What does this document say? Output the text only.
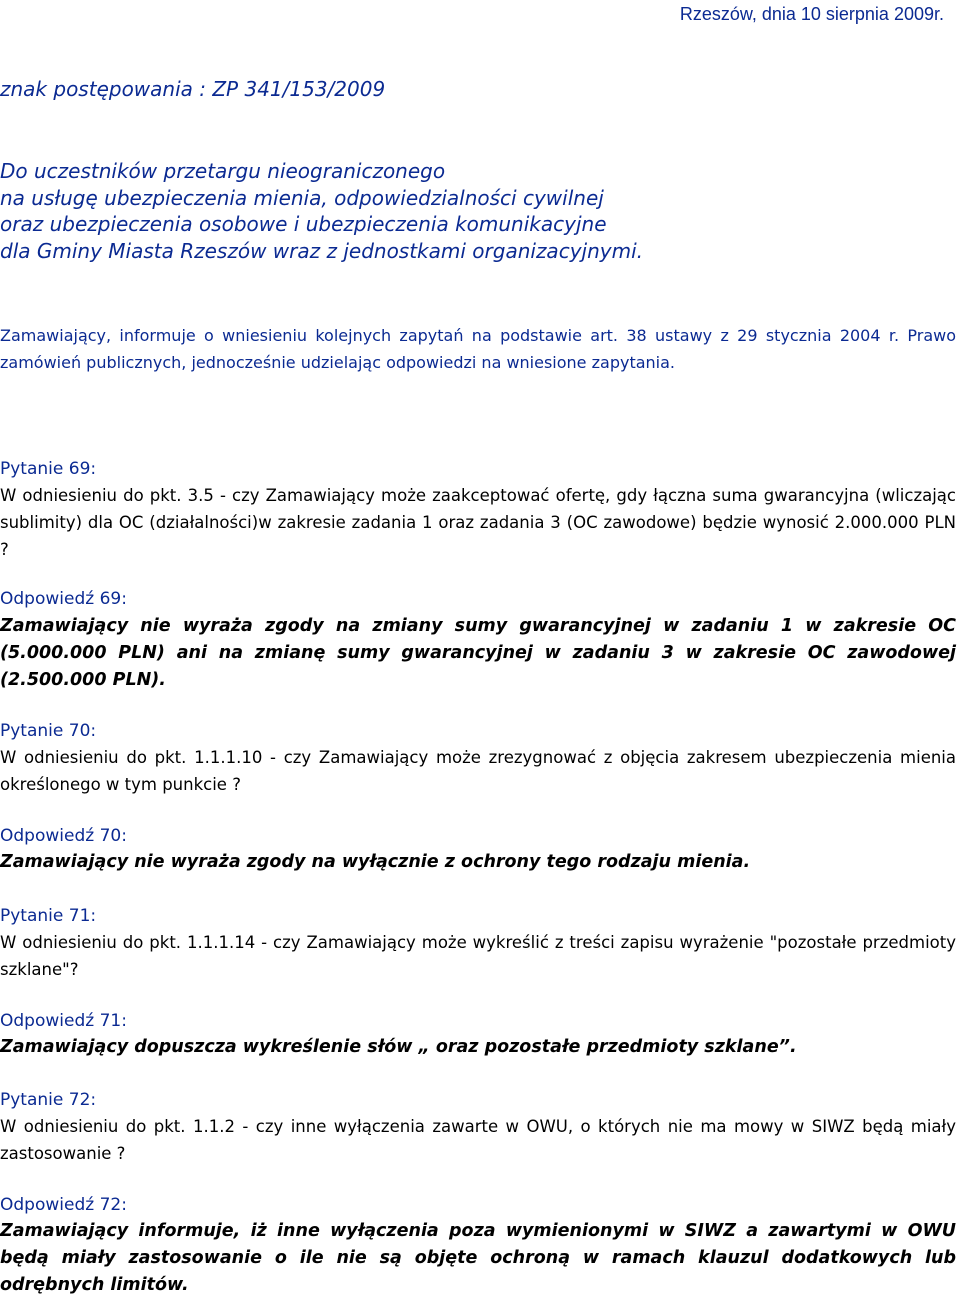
Rzeszów, dnia 10 sierpnia 2009r.
znak postępowania : ZP 341/153/2009
Do uczestników przetargu nieograniczonego
na usługę ubezpieczenia mienia, odpowiedzialności cywilnej
oraz ubezpieczenia osobowe i ubezpieczenia komunikacyjne
dla Gminy Miasta Rzeszów wraz z jednostkami organizacyjnymi.

Zamawiający, informuje o wniesieniu kolejnych zapytań na podstawie art. 38 ustawy z 29 stycznia 2004 r. Prawo zamówień publicznych, jednocześnie udzielając odpowiedzi na wniesione zapytania.

Pytanie 69:

W odniesieniu do pkt. 3.5 - czy Zamawiający może zaakceptować ofertę, gdy łączna suma gwarancyjna (wliczając sublimity) dla OC (działalności)w zakresie zadania 1 oraz zadania 3 (OC zawodowe) będzie wynosić 2.000.000 PLN ?

Odpowiedź 69:

Zamawiający nie wyraża zgody na zmiany sumy gwarancyjnej w zadaniu 1 w zakresie OC (5.000.000 PLN) ani na zmianę sumy gwarancyjnej w zadaniu 3 w zakresie OC zawodowej (2.500.000 PLN).

Pytanie 70:

W odniesieniu do pkt. 1.1.1.10 - czy Zamawiający może zrezygnować z objęcia zakresem ubezpieczenia mienia określonego w tym punkcie ?

Odpowiedź 70:

Zamawiający nie wyraża zgody na wyłącznie z ochrony tego rodzaju mienia.

Pytanie 71:

W odniesieniu do pkt. 1.1.1.14 - czy Zamawiający może wykreślić z treści zapisu wyrażenie "pozostałe przedmioty szklane"?

Odpowiedź 71:

Zamawiający dopuszcza wykreślenie słów „ oraz pozostałe przedmioty szklane”.

Pytanie 72:

W odniesieniu do pkt. 1.1.2 - czy inne wyłączenia zawarte w OWU, o których nie ma mowy w SIWZ będą miały zastosowanie ?

Odpowiedź 72:

Zamawiający informuje, iż inne wyłączenia poza wymienionymi w SIWZ a zawartymi w OWU będą miały zastosowanie o ile nie są objęte ochroną w ramach klauzul dodatkowych lub odrębnych limitów.
